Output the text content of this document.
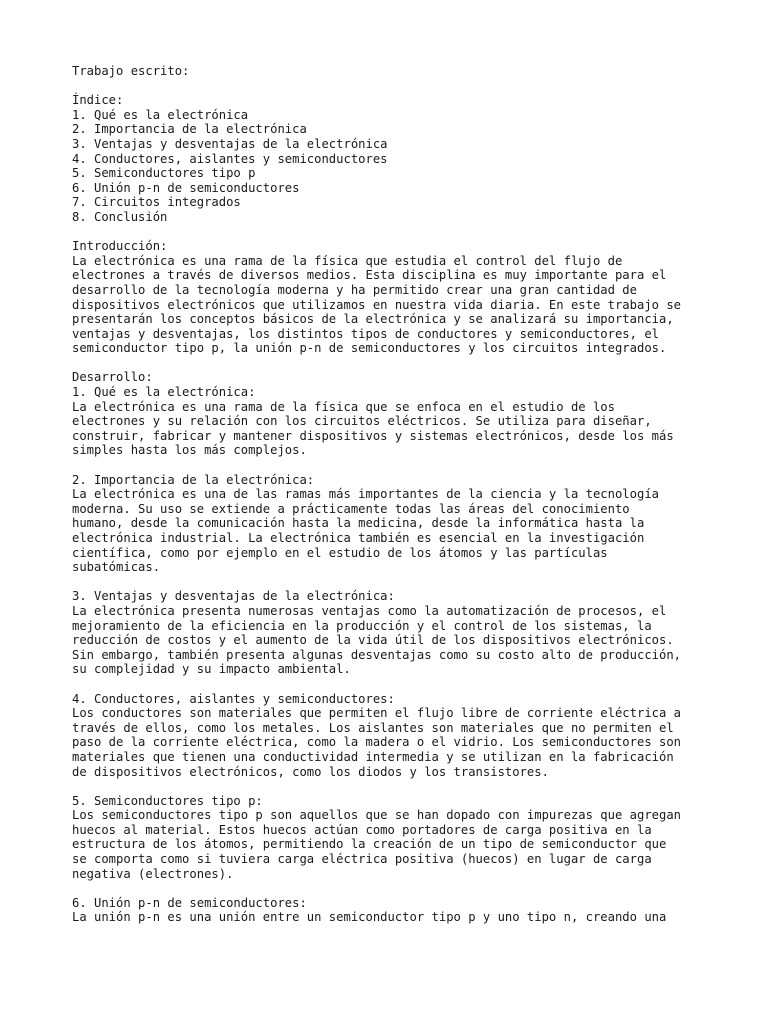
Trabajo escrito:
Índice:
1. Qué es la electrónica
2. Importancia de la electrónica
3. Ventajas y desventajas de la electrónica
4. Conductores, aislantes y semiconductores
5. Semiconductores tipo p
6. Unión p-n de semiconductores
7. Circuitos integrados
8. Conclusión
Introducción:
La electrónica es una rama de la física que estudia el control del flujo de
electrones a través de diversos medios. Esta disciplina es muy importante para el
desarrollo de la tecnología moderna y ha permitido crear una gran cantidad de
dispositivos electrónicos que utilizamos en nuestra vida diaria. En este trabajo se
presentarán los conceptos básicos de la electrónica y se analizará su importancia,
ventajas y desventajas, los distintos tipos de conductores y semiconductores, el
semiconductor tipo p, la unión p-n de semiconductores y los circuitos integrados.
Desarrollo:
1. Qué es la electrónica:
La electrónica es una rama de la física que se enfoca en el estudio de los
electrones y su relación con los circuitos eléctricos. Se utiliza para diseñar,
construir, fabricar y mantener dispositivos y sistemas electrónicos, desde los más
simples hasta los más complejos.
2. Importancia de la electrónica:
La electrónica es una de las ramas más importantes de la ciencia y la tecnología
moderna. Su uso se extiende a prácticamente todas las áreas del conocimiento
humano, desde la comunicación hasta la medicina, desde la informática hasta la
electrónica industrial. La electrónica también es esencial en la investigación
científica, como por ejemplo en el estudio de los átomos y las partículas
subatómicas.
3. Ventajas y desventajas de la electrónica:
La electrónica presenta numerosas ventajas como la automatización de procesos, el
mejoramiento de la eficiencia en la producción y el control de los sistemas, la
reducción de costos y el aumento de la vida útil de los dispositivos electrónicos.
Sin embargo, también presenta algunas desventajas como su costo alto de producción,
su complejidad y su impacto ambiental.
4. Conductores, aislantes y semiconductores:
Los conductores son materiales que permiten el flujo libre de corriente eléctrica a
través de ellos, como los metales. Los aislantes son materiales que no permiten el
paso de la corriente eléctrica, como la madera o el vidrio. Los semiconductores son
materiales que tienen una conductividad intermedia y se utilizan en la fabricación
de dispositivos electrónicos, como los diodos y los transistores.
5. Semiconductores tipo p:
Los semiconductores tipo p son aquellos que se han dopado con impurezas que agregan
huecos al material. Estos huecos actúan como portadores de carga positiva en la
estructura de los átomos, permitiendo la creación de un tipo de semiconductor que
se comporta como si tuviera carga eléctrica positiva (huecos) en lugar de carga
negativa (electrones).
6. Unión p-n de semiconductores:
La unión p-n es una unión entre un semiconductor tipo p y uno tipo n, creando una
